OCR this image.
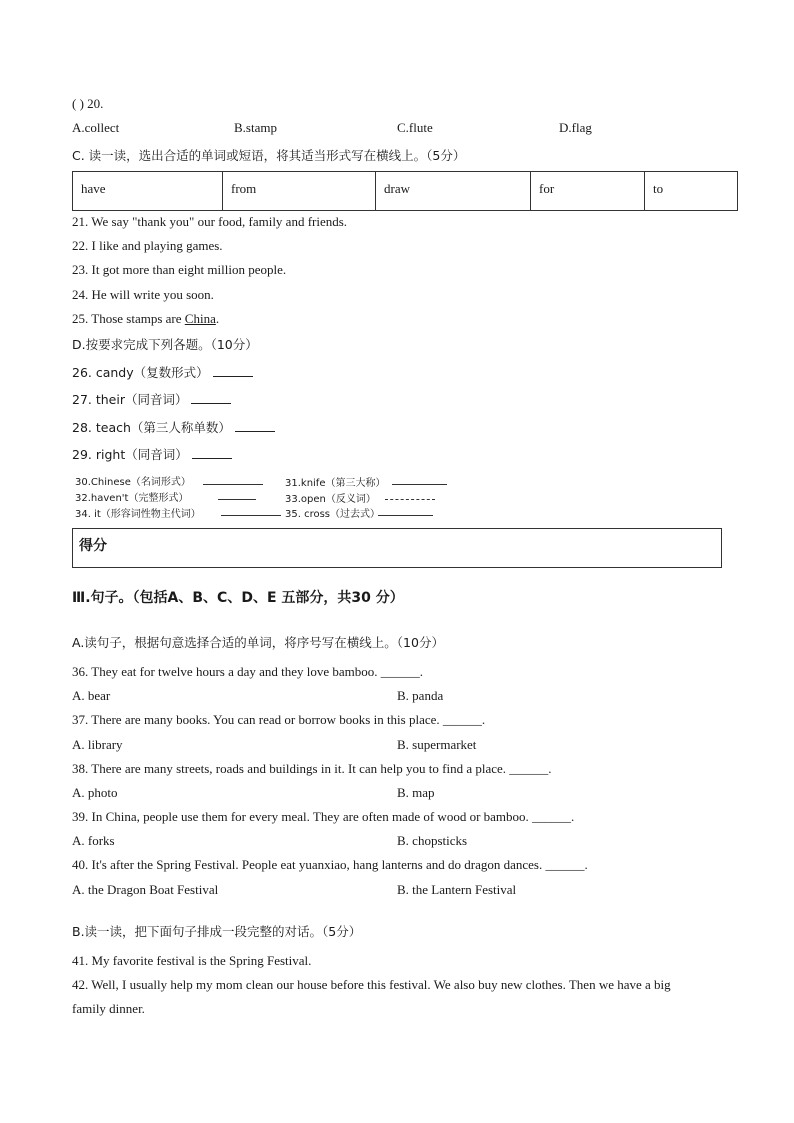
( ) 20.
A.collect	B.stamp	C.flute	D.flag
C. 读一读，选出合适的单词或短语，将其适当形式写在横线上。（5分）
have	from	draw	for	to
21. We say "thank you" our food, family and friends.
22. I like and playing games.
23. It got more than eight million people.
24. He will write you soon.
25. Those stamps are China.
D.按要求完成下列各题。（10分）
26. candy（复数形式）
27. their（同音词）
28. teach（第三人称单数）
29. right（同音词）
30.Chinese（名词形式）	31.knife（第三大称）
32.haven't（完整形式）	33.open（反义词）
34. it（形容词性物主代词）	35. cross（过去式）
得分
Ⅲ.句子。（包括A、B、C、D、E 五部分，共30 分）
A.读句子，根据句意选择合适的单词，将序号写在横线上。（10分）
36. They eat for twelve hours a day and they love bamboo. ______.
A. bear	B. panda
37. There are many books. You can read or borrow books in this place. ______.
A. library	B. supermarket
38. There are many streets, roads and buildings in it. It can help you to find a place. ______.
A. photo	B. map
39. In China, people use them for every meal. They are often made of wood or bamboo. ______.
A. forks	B. chopsticks
40. It's after the Spring Festival. People eat yuanxiao, hang lanterns and do dragon dances. ______.
A. the Dragon Boat Festival	B. the Lantern Festival
B.读一读，把下面句子排成一段完整的对话。（5分）
41. My favorite festival is the Spring Festival.
42. Well, I usually help my mom clean our house before this festival. We also buy new clothes. Then we have a big
family dinner.
